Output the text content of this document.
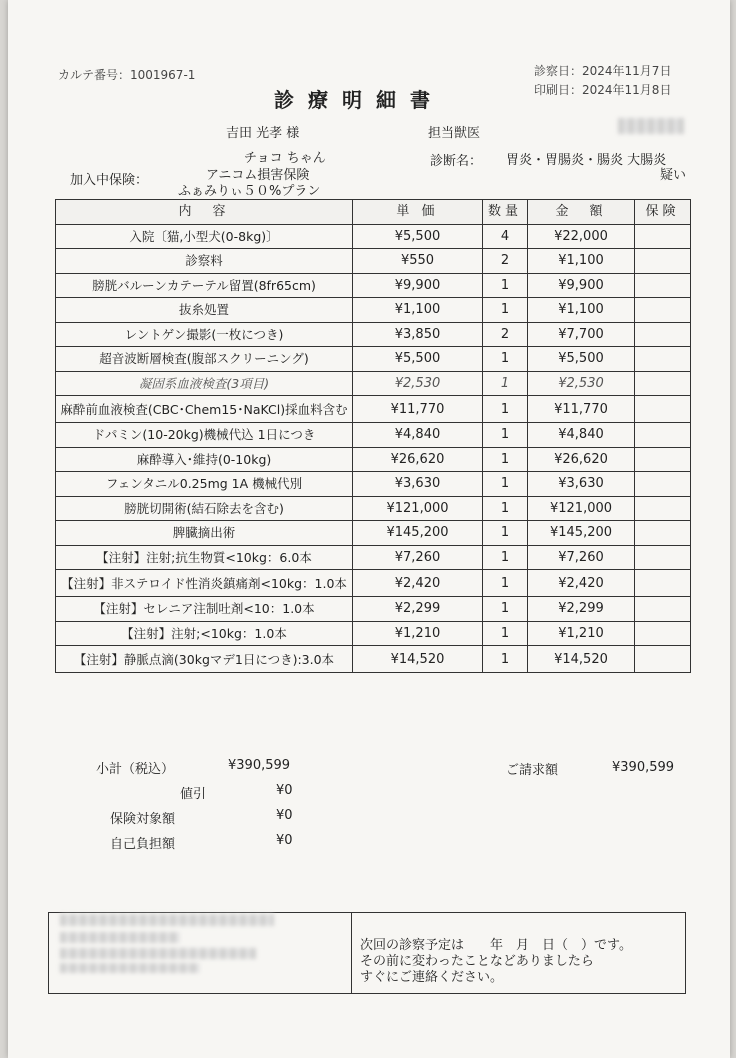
カルテ番号：1001967-1
診療明細書
診察日：2024年11月7日
印刷日：2024年11月8日
吉田 光孝 様	担当獣医
チョコ ちゃん	診断名： 胃炎・胃腸炎・腸炎 大腸炎
疑い
加入中保険：	アニコム損害保険
ふぁみりぃ５０%プラン
内　容	単 価	数量	金　額	保険
入院〔猫,小型犬(0-8kg)〕	¥5,500	4	¥22,000	
診察料	¥550	2	¥1,100	
膀胱バルーンカテーテル留置(8fr65cm)	¥9,900	1	¥9,900	
抜糸処置	¥1,100	1	¥1,100	
レントゲン撮影(一枚につき)	¥3,850	2	¥7,700	
超音波断層検査(腹部スクリーニング)	¥5,500	1	¥5,500	
凝固系血液検査(3項目)	¥2,530	1	¥2,530	
麻酔前血液検査(CBC･Chem15･NaKCl)採血料含む	¥11,770	1	¥11,770	
ドパミン(10-20kg)機械代込 1日につき	¥4,840	1	¥4,840	
麻酔導入･維持(0-10kg)	¥26,620	1	¥26,620	
フェンタニル0.25mg 1A 機械代別	¥3,630	1	¥3,630	
膀胱切開術(結石除去を含む)	¥121,000	1	¥121,000	
脾臓摘出術	¥145,200	1	¥145,200	
【注射】注射;抗生物質<10kg：6.0本	¥7,260	1	¥7,260	
【注射】非ステロイド性消炎鎮痛剤<10kg：1.0本	¥2,420	1	¥2,420	
【注射】セレニア注制吐剤<10：1.0本	¥2,299	1	¥2,299	
【注射】注射;<10kg：1.0本	¥1,210	1	¥1,210	
【注射】静脈点滴(30kgマデ1日につき):3.0本	¥14,520	1	¥14,520	
小計（税込）	¥390,599
値引	¥0
保険対象額	¥0
自己負担額	¥0
ご請求額	¥390,599
次回の診察予定は　　年　月　日（　）です。
その前に変わったことなどありましたら
すぐにご連絡ください。
